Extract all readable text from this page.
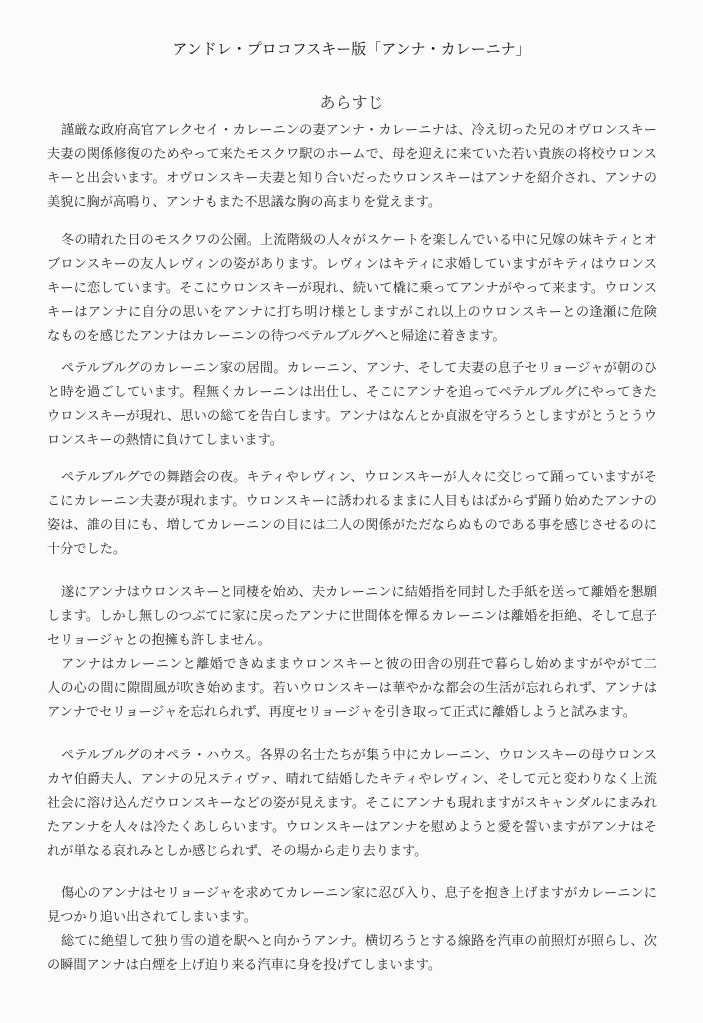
アンドレ・プロコフスキー版「アンナ・カレーニナ」
あらすじ
謹厳な政府高官アレクセイ・カレーニンの妻アンナ・カレーニナは、冷え切った兄のオヴロンスキー
夫妻の関係修復のためやって来たモスクワ駅のホームで、母を迎えに来ていた若い貴族の将校ウロンス
キーと出会います。オヴロンスキー夫妻と知り合いだったウロンスキーはアンナを紹介され、アンナの
美貌に胸が高鳴り、アンナもまた不思議な胸の高まりを覚えます。
冬の晴れた日のモスクワの公園。上流階級の人々がスケートを楽しんでいる中に兄嫁の妹キティとオ
ブロンスキーの友人レヴィンの姿があります。レヴィンはキティに求婚していますがキティはウロンス
キーに恋しています。そこにウロンスキーが現れ、続いて橇に乗ってアンナがやって来ます。ウロンス
キーはアンナに自分の思いをアンナに打ち明け様としますがこれ以上のウロンスキーとの逢瀬に危険
なものを感じたアンナはカレーニンの待つペテルブルグへと帰途に着きます。
ペテルブルグのカレーニン家の居間。カレーニン、アンナ、そして夫妻の息子セリョージャが朝のひ
と時を過ごしています。程無くカレーニンは出仕し、そこにアンナを追ってペテルブルグにやってきた
ウロンスキーが現れ、思いの総てを告白します。アンナはなんとか貞淑を守ろうとしますがとうとうウ
ロンスキーの熱情に負けてしまいます。
ペテルブルグでの舞踏会の夜。キティやレヴィン、ウロンスキーが人々に交じって踊っていますがそ
こにカレーニン夫妻が現れます。ウロンスキーに誘われるままに人目もはばからず踊り始めたアンナの
姿は、誰の目にも、増してカレーニンの目には二人の関係がただならぬものである事を感じさせるのに
十分でした。
遂にアンナはウロンスキーと同棲を始め、夫カレーニンに結婚指を同封した手紙を送って離婚を懇願
します。しかし無しのつぶてに家に戻ったアンナに世間体を憚るカレーニンは離婚を拒絶、そして息子
セリョージャとの抱擁も許しません。
アンナはカレーニンと離婚できぬままウロンスキーと彼の田舎の別荘で暮らし始めますがやがて二
人の心の間に隙間風が吹き始めます。若いウロンスキーは華やかな都会の生活が忘れられず、アンナは
アンナでセリョージャを忘れられず、再度セリョージャを引き取って正式に離婚しようと試みます。
ペテルブルグのオペラ・ハウス。各界の名士たちが集う中にカレーニン、ウロンスキーの母ウロンス
カヤ伯爵夫人、アンナの兄スティヴァ、晴れて結婚したキティやレヴィン、そして元と変わりなく上流
社会に溶け込んだウロンスキーなどの姿が見えます。そこにアンナも現れますがスキャンダルにまみれ
たアンナを人々は冷たくあしらいます。ウロンスキーはアンナを慰めようと愛を誓いますがアンナはそ
れが単なる哀れみとしか感じられず、その場から走り去ります。
傷心のアンナはセリョージャを求めてカレーニン家に忍び入り、息子を抱き上げますがカレーニンに
見つかり追い出されてしまいます。
総てに絶望して独り雪の道を駅へと向かうアンナ。横切ろうとする線路を汽車の前照灯が照らし、次
の瞬間アンナは白煙を上げ迫り来る汽車に身を投げてしまいます。
